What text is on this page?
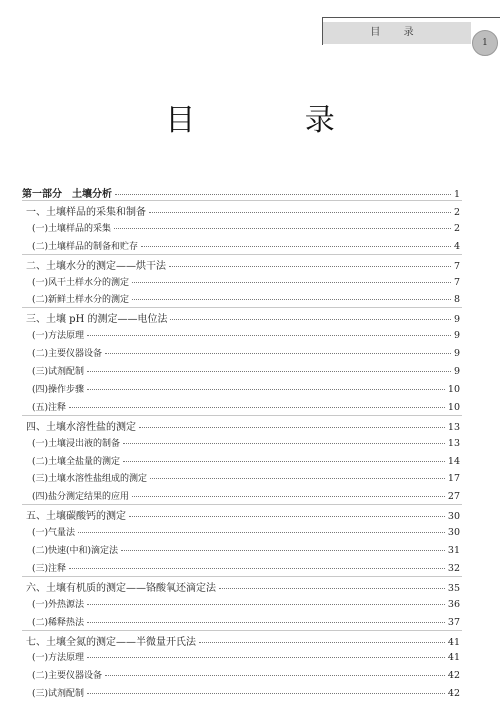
目 录
1
目 录
第一部分　土壤分析	1
一、土壤样品的采集和制备	2
(一)土壤样品的采集	2
(二)土壤样品的制备和贮存	4
二、土壤水分的测定——烘干法	7
(一)风干土样水分的测定	7
(二)新鲜土样水分的测定	8
三、土壤 pH 的测定——电位法	9
(一)方法原理	9
(二)主要仪器设备	9
(三)试剂配制	9
(四)操作步骤	10
(五)注释	10
四、土壤水溶性盐的测定	13
(一)土壤浸出液的制备	13
(二)土壤全盐量的测定	14
(三)土壤水溶性盐组成的测定	17
(四)盐分测定结果的应用	27
五、土壤碳酸钙的测定	30
(一)气量法	30
(二)快速(中和)滴定法	31
(三)注释	32
六、土壤有机质的测定——铬酸氧还滴定法	35
(一)外热源法	36
(二)稀释热法	37
七、土壤全氮的测定——半微量开氏法	41
(一)方法原理	41
(二)主要仪器设备	42
(三)试剂配制	42
